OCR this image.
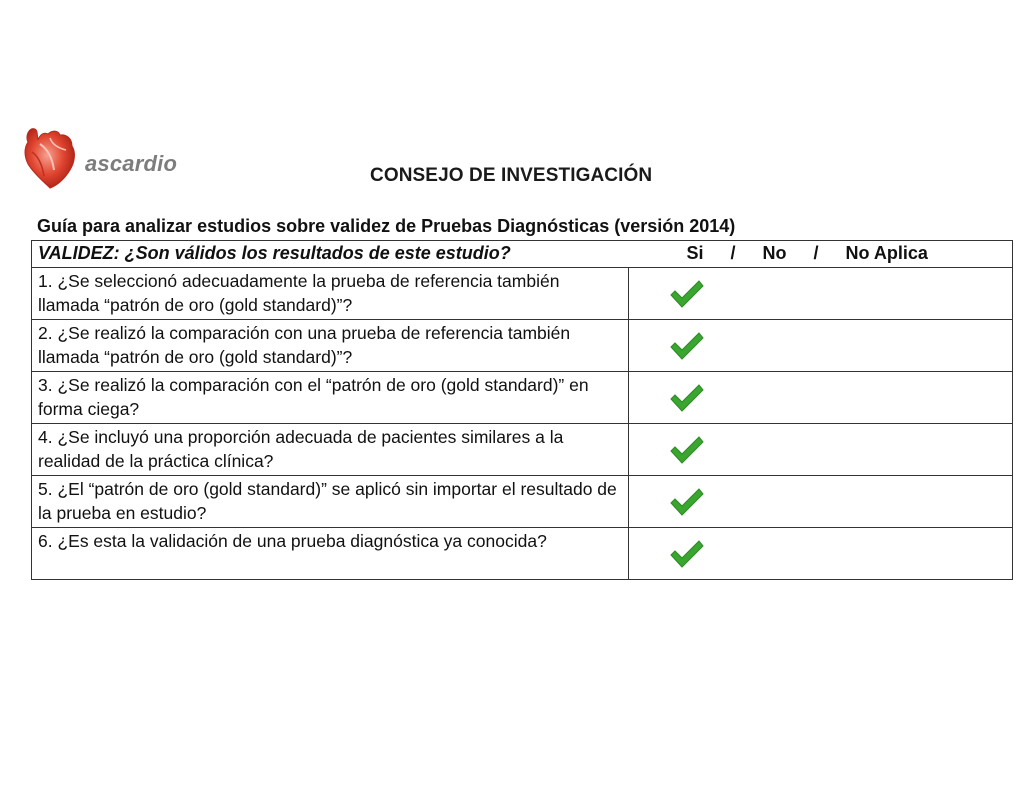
ascardio	CONSEJO DE INVESTIGACIÓN
Guía para analizar estudios sobre validez de Pruebas Diagnósticas (versión 2014)
VALIDEZ: ¿Son válidos los resultados de este estudio?	Si / No / No Aplica
1. ¿Se seleccionó adecuadamente la prueba de referencia también llamada “patrón de oro (gold standard)”?	

2. ¿Se realizó la comparación con una prueba de referencia también llamada “patrón de oro (gold standard)”?	

3. ¿Se realizó la comparación con el “patrón de oro (gold standard)” en forma ciega?	

4. ¿Se incluyó una proporción adecuada de pacientes similares a la realidad de la práctica clínica?	

5. ¿El “patrón de oro (gold standard)” se aplicó sin importar el resultado de la prueba en estudio?	

6. ¿Es esta la validación de una prueba diagnóstica ya conocida?	
